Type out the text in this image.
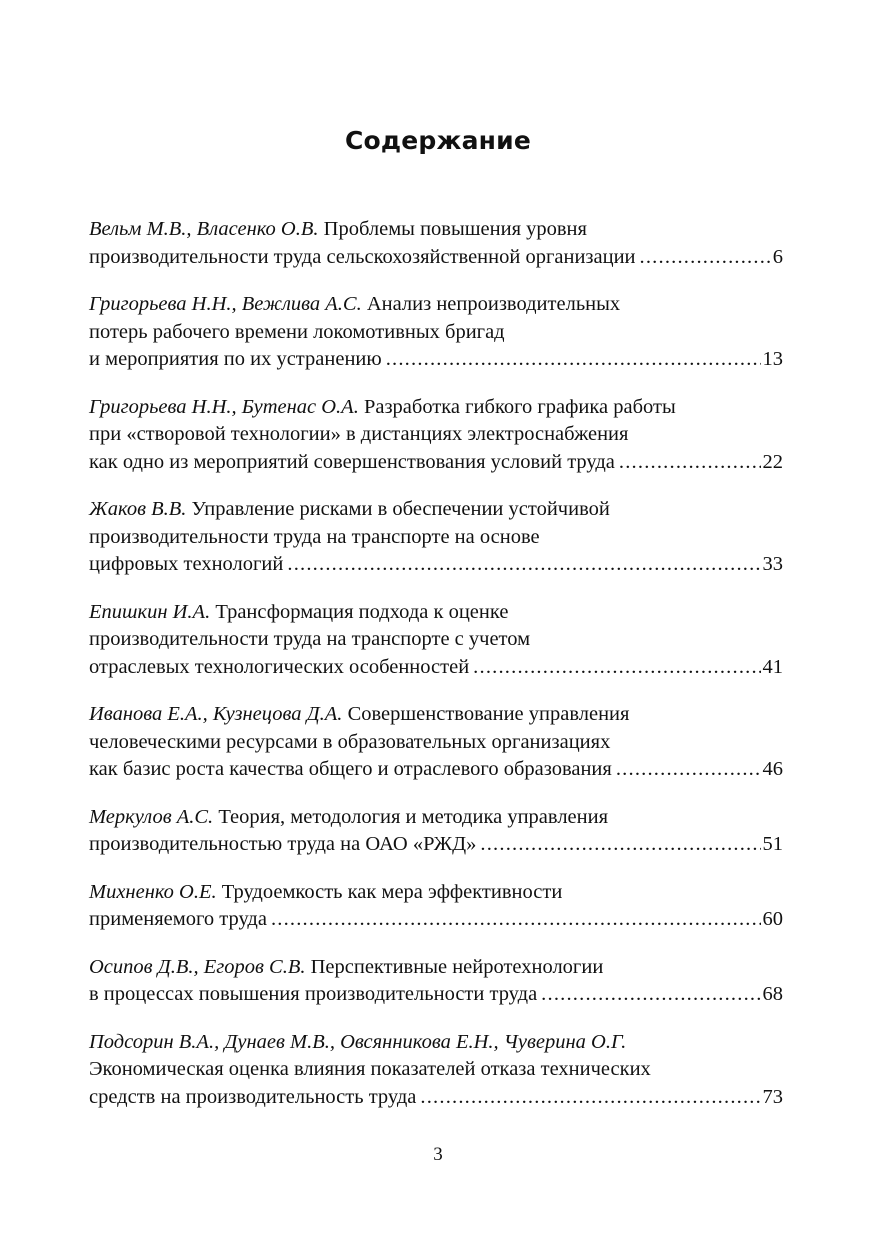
Содержание
Вельм М.В., Власенко О.В. Проблемы повышения уровня
производительности труда сельскохозяйственной организации .....	6
Григорьева Н.Н., Вежлива А.С. Анализ непроизводительных
потерь рабочего времени локомотивных бригад
и мероприятия по их устранению .....	13
Григорьева Н.Н., Бутенас О.А. Разработка гибкого графика работы
при «створовой технологии» в дистанциях электроснабжения
как одно из мероприятий совершенствования условий труда .....	22
Жаков В.В. Управление рисками в обеспечении устойчивой
производительности труда на транспорте на основе
цифровых технологий .....	33
Епишкин И.А. Трансформация подхода к оценке
производительности труда на транспорте с учетом
отраслевых технологических особенностей .....	41
Иванова Е.А., Кузнецова Д.А. Совершенствование управления
человеческими ресурсами в образовательных организациях
как базис роста качества общего и отраслевого образования .....	46
Меркулов А.С. Теория, методология и методика управления
производительностью труда на ОАО «РЖД» .....	51
Михненко О.Е. Трудоемкость как мера эффективности
применяемого труда .....	60
Осипов Д.В., Егоров С.В. Перспективные нейротехнологии
в процессах повышения производительности труда .....	68
Подсорин В.А., Дунаев М.В., Овсянникова Е.Н., Чуверина О.Г.
Экономическая оценка влияния показателей отказа технических
средств на производительность труда .....	73

3
